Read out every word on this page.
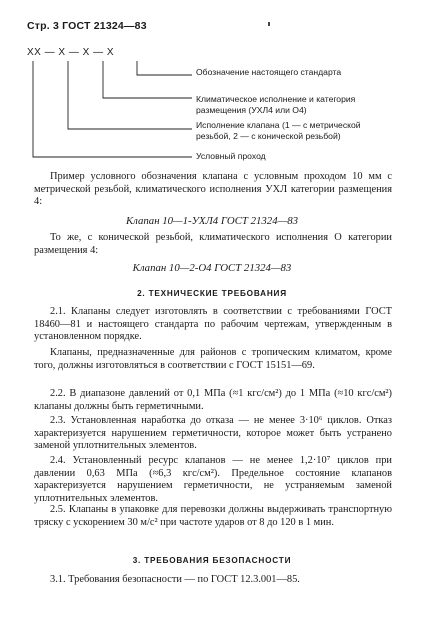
Стр. 3 ГОСТ 21324—83
XX — X — X — X
Обозначение настоящего стандарта
Климатическое исполнение и категория размещения (УХЛ4 или О4)
Исполнение клапана (1 — с метрической резьбой, 2 — с конической резьбой)
Условный проход
Пример условного обозначения клапана с условным проходом 10 мм с метрической резьбой, климатического исполнения УХЛ категории размещения 4:
Клапан 10—1-УХЛ4 ГОСТ 21324—83
То же, с конической резьбой, климатического исполнения О категории размещения 4:
Клапан 10—2-О4 ГОСТ 21324—83
2. ТЕХНИЧЕСКИЕ ТРЕБОВАНИЯ
2.1. Клапаны следует изготовлять в соответствии с требованиями ГОСТ 18460—81 и настоящего стандарта по рабочим чертежам, утвержденным в установленном порядке.
Клапаны, предназначенные для районов с тропическим климатом, кроме того, должны изготовляться в соответствии с ГОСТ 15151—69.
2.2. В диапазоне давлений от 0,1 МПа (≈1 кгс/см²) до 1 МПа (≈10 кгс/см²) клапаны должны быть герметичными.
2.3. Установленная наработка до отказа — не менее 3·10⁶ циклов. Отказ характеризуется нарушением герметичности, которое может быть устранено заменой уплотнительных элементов.
2.4. Установленный ресурс клапанов — не менее 1,2·10⁷ циклов при давлении 0,63 МПа (≈6,3 кгс/см²). Предельное состояние клапанов характеризуется нарушением герметичности, не устраняемым заменой уплотнительных элементов.
2.5. Клапаны в упаковке для перевозки должны выдерживать транспортную тряску с ускорением 30 м/с² при частоте ударов от 8 до 120 в 1 мин.
3. ТРЕБОВАНИЯ БЕЗОПАСНОСТИ
3.1. Требования безопасности — по ГОСТ 12.3.001—85.
